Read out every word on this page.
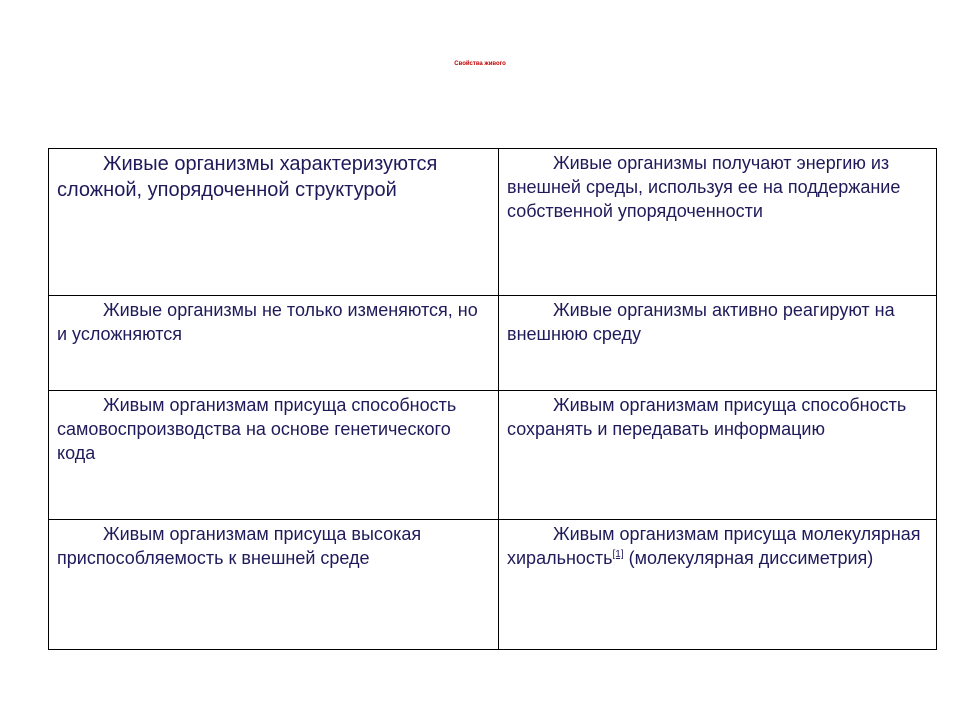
Свойства живого
Живые организмы характеризуются сложной, упорядоченной структурой	Живые организмы получают энергию из внешней среды, используя ее на поддержание собственной упорядоченности
Живые организмы не только изменяются, но и усложняются	Живые организмы активно реагируют на внешнюю среду
Живым организмам присуща способность самовоспроизводства на основе генетического кода	Живым организмам присуща способность сохранять и передавать информацию
Живым организмам присуща высокая приспособляемость к внешней среде	Живым организмам присуща молекулярная хиральность[1] (молекулярная диссиметрия)
